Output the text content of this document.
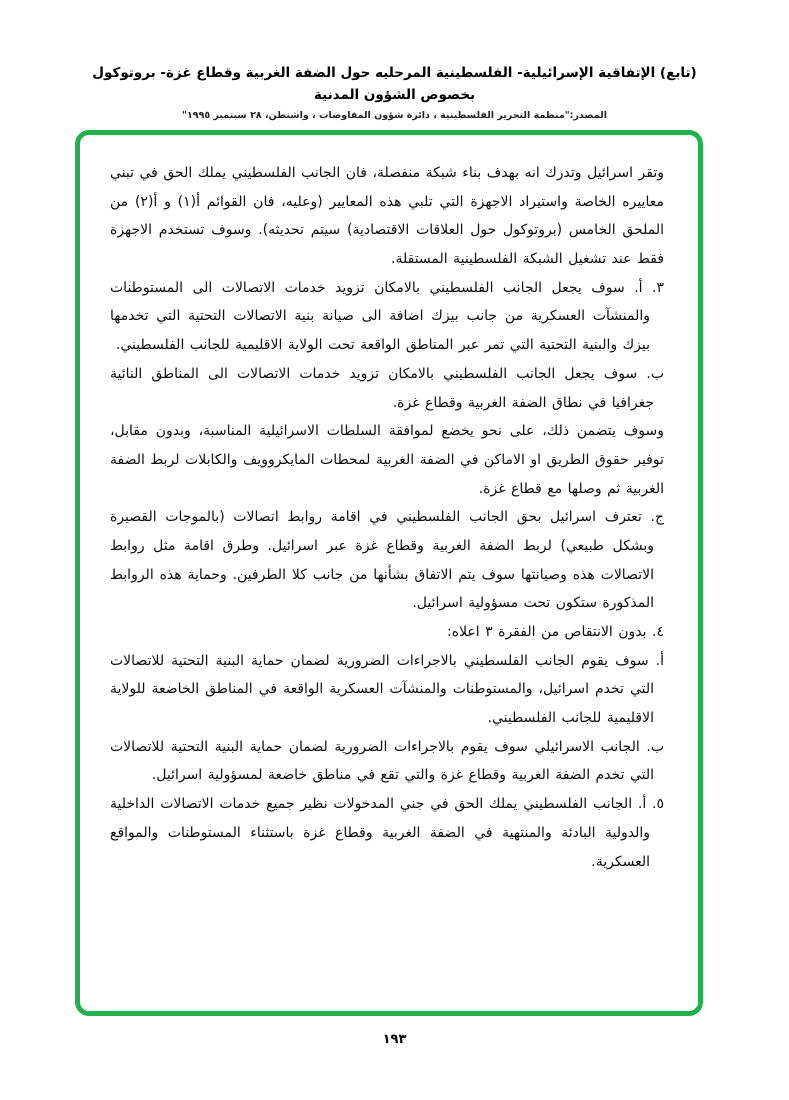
(تابع) الإتفاقية الإسرائيلية- الفلسطينية المرحليه حول الضفة الغربية وقطاع غزة- بروتوكول بخصوص الشؤون المدنية
المصدر:"منظمة التحرير الفلسطينية ، دائرة شؤون المفاوضات ، واشنطن، ٢٨ سبتمبر ١٩٩٥"

وتقر اسرائيل وتدرك انه بهدف بناء شبكة منفصلة، فان الجانب الفلسطيني يملك الحق في تبني معاييره الخاصة واستيراد الاجهزة التي تلبي هذه المعايير (وعليه، فان القوائم أ(١) و أ(٢) من الملحق الخامس (بروتوكول حول العلاقات الاقتصادية) سيتم تحديثه). وسوف تستخدم الاجهزة فقط عند تشغيل الشبكة الفلسطينية المستقلة.

٣. أ. سوف يجعل الجانب الفلسطيني بالامكان تزويد خدمات الاتصالات الى المستوطنات والمنشآت العسكرية من جانب بيزك اضافة الى صيانة بنية الاتصالات التحتية التي تخدمها بيزك والبنية التحتية التي تمر عبر المناطق الواقعة تحت الولاية الاقليمية للجانب الفلسطيني.

ب. سوف يجعل الجانب الفلسطيني بالامكان تزويد خدمات الاتصالات الى المناطق النائية جغرافيا في نطاق الضفة الغربية وقطاع غزة.

وسوف يتضمن ذلك، على نحو يخضع لموافقة السلطات الاسرائيلية المناسبة، وبدون مقابل، توفير حقوق الطريق او الاماكن في الضفة الغربية لمحطات المايكروويف والكابلات لربط الضفة الغربية ثم وصلها مع قطاع غزة.

ج. تعترف اسرائيل بحق الجانب الفلسطيني في اقامة روابط اتصالات (بالموجات القصيرة وبشكل طبيعي) لربط الضفة الغربية وقطاع غزة عبر اسرائيل. وطرق اقامة مثل روابط الاتصالات هذه وصيانتها سوف يتم الاتفاق بشأنها من جانب كلا الطرفين. وحماية هذه الروابط المذكورة ستكون تحت مسؤولية اسرائيل.

٤. بدون الانتقاص من الفقرة ٣ اعلاه:

أ. سوف يقوم الجانب الفلسطيني بالاجراءات الضرورية لضمان حماية البنية التحتية للاتصالات التي تخدم اسرائيل، والمستوطنات والمنشآت العسكرية الواقعة في المناطق الخاضعة للولاية الاقليمية للجانب الفلسطيني.

ب. الجانب الاسرائيلي سوف يقوم بالاجراءات الضرورية لضمان حماية البنية التحتية للاتصالات التي تخدم الضفة الغربية وقطاع غزة والتي تقع في مناطق خاضعة لمسؤولية اسرائيل.

٥. أ. الجانب الفلسطيني يملك الحق في جني المدخولات نظير جميع خدمات الاتصالات الداخلية والدولية البادئة والمنتهية في الضفة الغربية وقطاع غزة باستثناء المستوطنات والمواقع العسكرية.

١٩٣
